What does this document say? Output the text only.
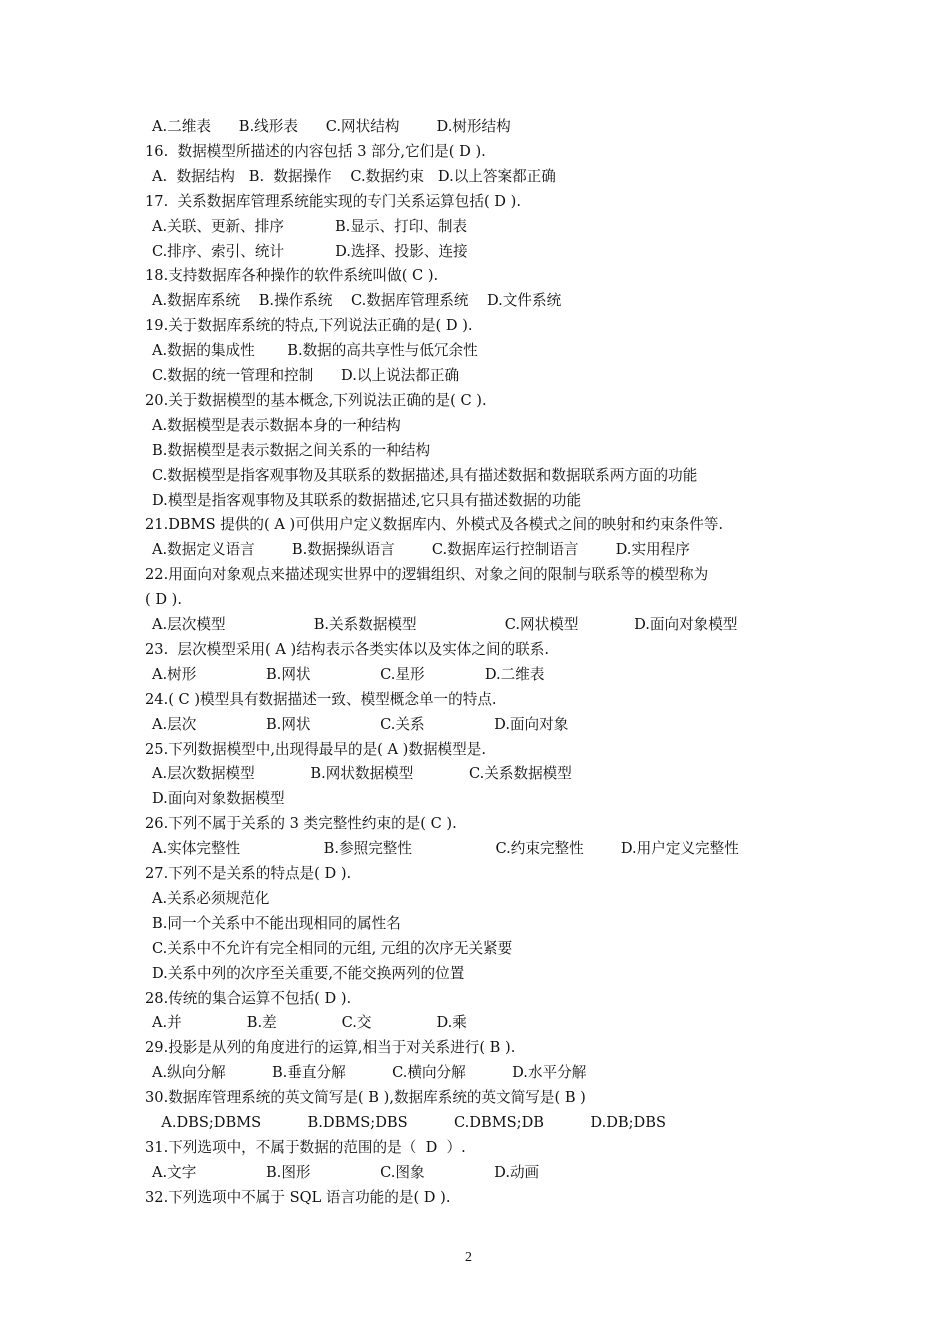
A.二维表      B.线形表      C.网状结构        D.树形结构
16.  数据模型所描述的内容包括 3 部分,它们是( D ).
A.  数据结构   B.  数据操作    C.数据约束   D.以上答案都正确
17.  关系数据库管理系统能实现的专门关系运算包括( D ).
A.关联、更新、排序           B.显示、打印、制表
C.排序、索引、统计           D.选择、投影、连接
18.支持数据库各种操作的软件系统叫做( C ).
A.数据库系统    B.操作系统    C.数据库管理系统    D.文件系统
19.关于数据库系统的特点,下列说法正确的是( D ).
A.数据的集成性       B.数据的高共享性与低冗余性
C.数据的统一管理和控制      D.以上说法都正确
20.关于数据模型的基本概念,下列说法正确的是( C ).
A.数据模型是表示数据本身的一种结构
B.数据模型是表示数据之间关系的一种结构
C.数据模型是指客观事物及其联系的数据描述,具有描述数据和数据联系两方面的功能
D.模型是指客观事物及其联系的数据描述,它只具有描述数据的功能
21.DBMS 提供的( A )可供用户定义数据库内、外模式及各模式之间的映射和约束条件等.
A.数据定义语言        B.数据操纵语言        C.数据库运行控制语言        D.实用程序
22.用面向对象观点来描述现实世界中的逻辑组织、对象之间的限制与联系等的模型称为
( D ).
A.层次模型                   B.关系数据模型                   C.网状模型            D.面向对象模型
23.  层次模型采用( A )结构表示各类实体以及实体之间的联系.
A.树形               B.网状               C.星形             D.二维表
24.( C )模型具有数据描述一致、模型概念单一的特点.
A.层次               B.网状               C.关系               D.面向对象
25.下列数据模型中,出现得最早的是( A )数据模型是.
A.层次数据模型            B.网状数据模型            C.关系数据模型
D.面向对象数据模型
26.下列不属于关系的 3 类完整性约束的是( C ).
A.实体完整性                  B.参照完整性                  C.约束完整性        D.用户定义完整性
27.下列不是关系的特点是( D ).
A.关系必须规范化
B.同一个关系中不能出现相同的属性名
C.关系中不允许有完全相同的元组, 元组的次序无关紧要
D.关系中列的次序至关重要,不能交换两列的位置
28.传统的集合运算不包括( D ).
A.并              B.差              C.交              D.乘
29.投影是从列的角度进行的运算,相当于对关系进行( B ).
A.纵向分解          B.垂直分解          C.横向分解          D.水平分解
30.数据库管理系统的英文简写是( B ),数据库系统的英文简写是( B )
A.DBS;DBMS          B.DBMS;DBS          C.DBMS;DB          D.DB;DBS
31.下列选项中，不属于数据的范围的是（  D  ）.
A.文字               B.图形               C.图象               D.动画
32.下列选项中不属于 SQL 语言功能的是( D ).
2
